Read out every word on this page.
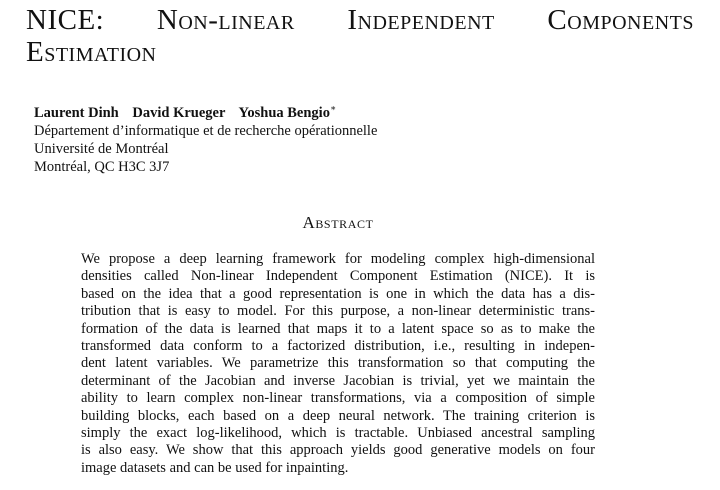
NICE: Non-linear Independent Components
Estimation
Laurent Dinh David Krueger Yoshua Bengio∗
Département d’informatique et de recherche opérationnelle
Université de Montréal
Montréal, QC H3C 3J7
Abstract
We propose a deep learning framework for modeling complex high-dimensional
densities called Non-linear Independent Component Estimation (NICE). It is
based on the idea that a good representation is one in which the data has a dis-
tribution that is easy to model. For this purpose, a non-linear deterministic trans-
formation of the data is learned that maps it to a latent space so as to make the
transformed data conform to a factorized distribution, i.e., resulting in indepen-
dent latent variables. We parametrize this transformation so that computing the
determinant of the Jacobian and inverse Jacobian is trivial, yet we maintain the
ability to learn complex non-linear transformations, via a composition of simple
building blocks, each based on a deep neural network. The training criterion is
simply the exact log-likelihood, which is tractable. Unbiased ancestral sampling
is also easy. We show that this approach yields good generative models on four
image datasets and can be used for inpainting.
